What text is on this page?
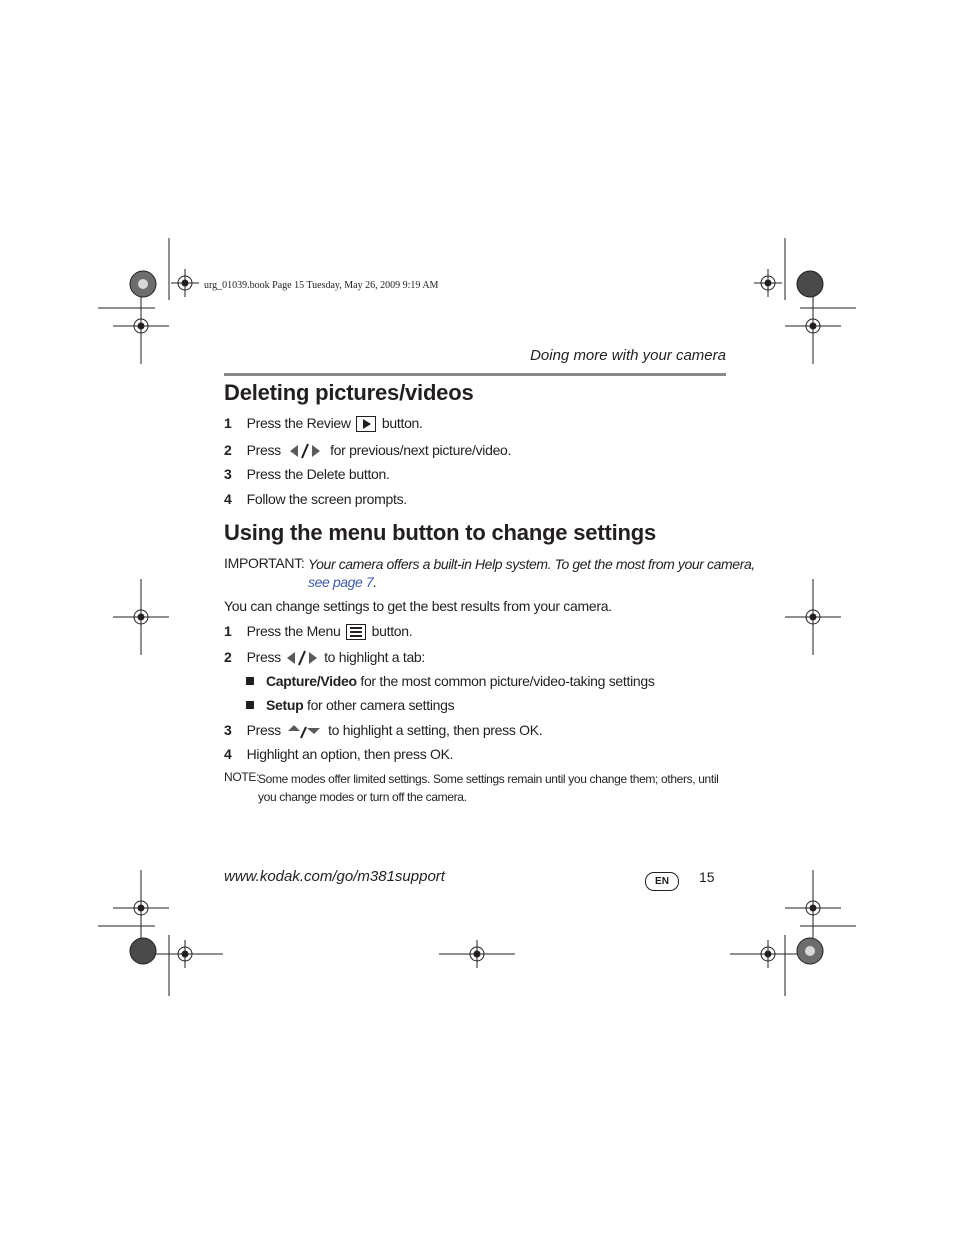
urg_01039.book Page 15 Tuesday, May 26, 2009 9:19 AM
Doing more with your camera
Deleting pictures/videos
1 Press the Review button.
2 Press	for previous/next picture/video.
3 Press the Delete button.
4 Follow the screen prompts.
Using the menu button to change settings
IMPORTANT: Your camera offers a built-in Help system. To get the most from your camera,
see page 7.
You can change settings to get the best results from your camera.
1 Press the Menu button.
2 Press	to highlight a tab:
Capture/Video for the most common picture/video-taking settings
Setup for other camera settings
3 Press	to highlight a setting, then press OK.
4 Highlight an option, then press OK.
NOTE:
Some modes offer limited settings. Some settings remain until you change them; others, until you change modes or turn off the camera.
www.kodak.com/go/m381support	EN	15
